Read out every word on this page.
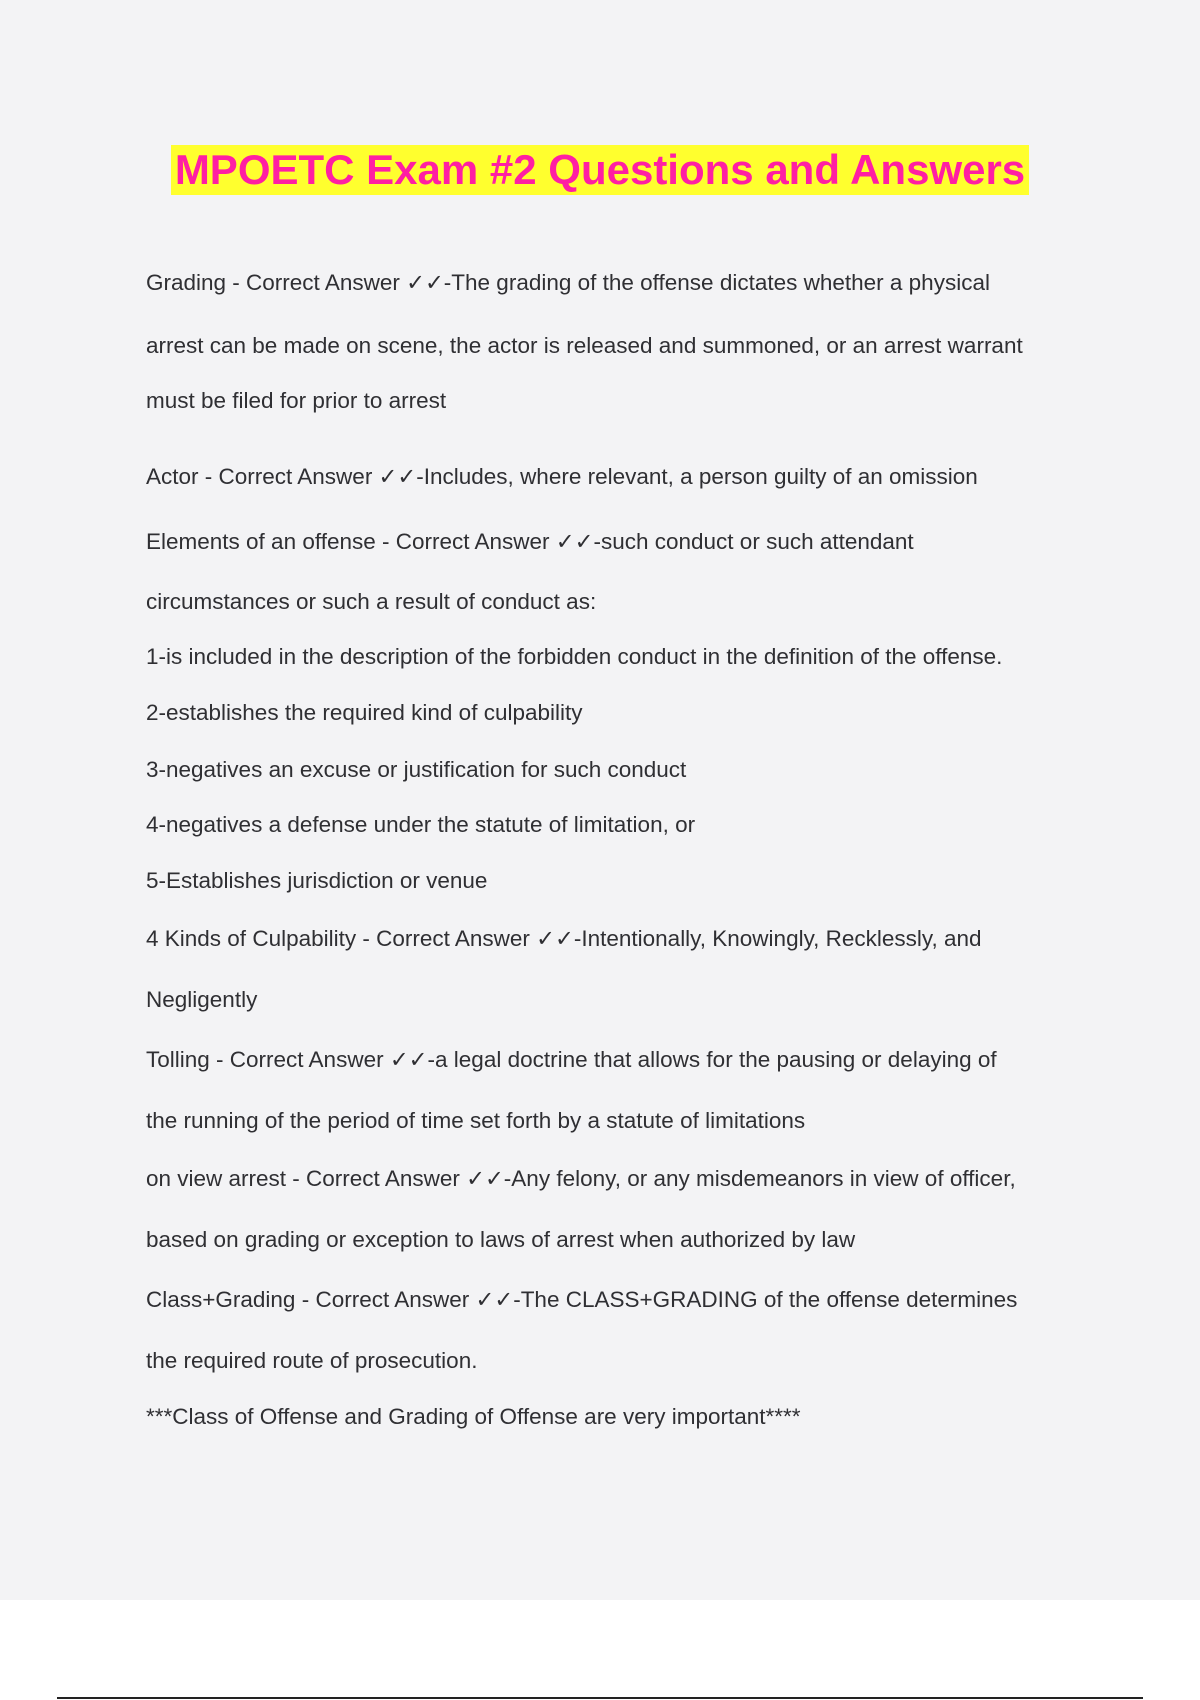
MPOETC Exam #2 Questions and Answers
Grading - Correct Answer ✓✓-The grading of the offense dictates whether a physical
arrest can be made on scene, the actor is released and summoned, or an arrest warrant
must be filed for prior to arrest
Actor - Correct Answer ✓✓-Includes, where relevant, a person guilty of an omission
Elements of an offense - Correct Answer ✓✓-such conduct or such attendant
circumstances or such a result of conduct as:
1-is included in the description of the forbidden conduct in the definition of the offense.
2-establishes the required kind of culpability
3-negatives an excuse or justification for such conduct
4-negatives a defense under the statute of limitation, or
5-Establishes jurisdiction or venue
4 Kinds of Culpability - Correct Answer ✓✓-Intentionally, Knowingly, Recklessly, and
Negligently
Tolling - Correct Answer ✓✓-a legal doctrine that allows for the pausing or delaying of
the running of the period of time set forth by a statute of limitations
on view arrest - Correct Answer ✓✓-Any felony, or any misdemeanors in view of officer,
based on grading or exception to laws of arrest when authorized by law
Class+Grading - Correct Answer ✓✓-The CLASS+GRADING of the offense determines
the required route of prosecution.
***Class of Offense and Grading of Offense are very important****
